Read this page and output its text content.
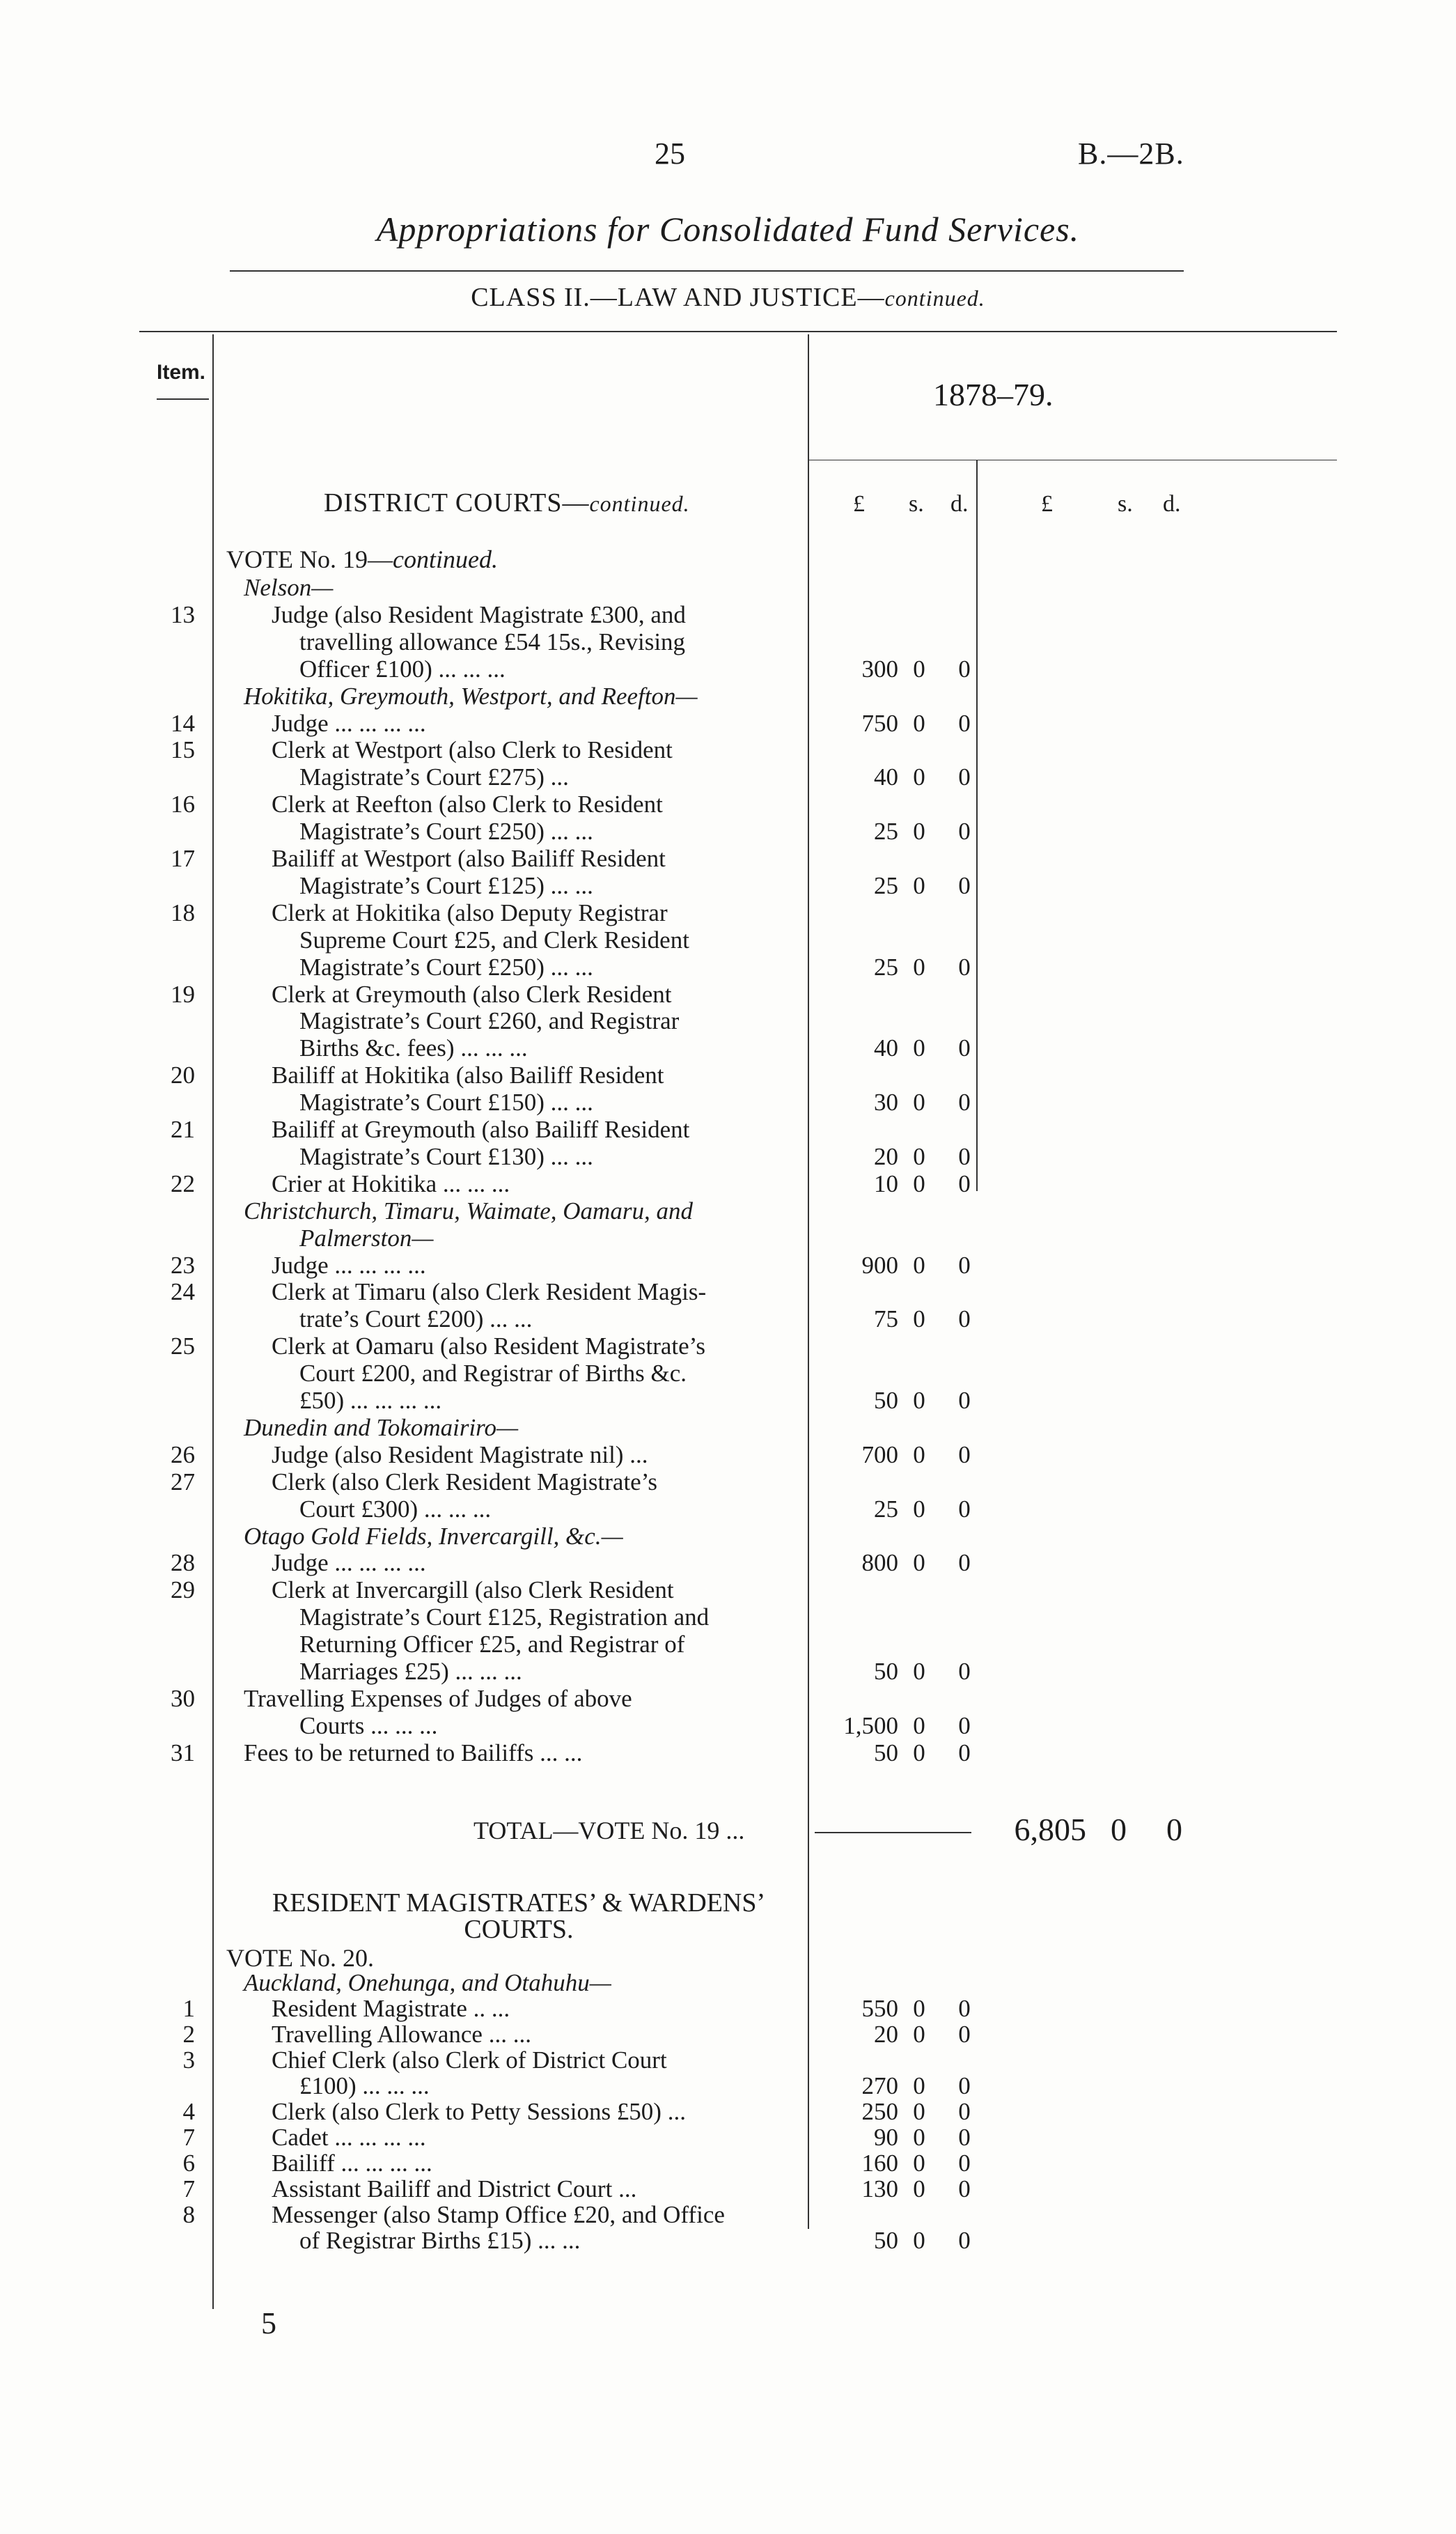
25	B.—2B.
Appropriations for Consolidated Fund Services.
CLASS II.—LAW AND JUSTICE—continued.
Item.
1878–79.
£ s. d.	£	s. d.
DISTRICT COURTS—continued.
VOTE No. 19—continued.
Nelson—
13	Judge (also Resident Magistrate £300, and
travelling allowance £54 15s., Revising
Officer £100) ... ... ...	300 0 0
Hokitika, Greymouth, Westport, and Reefton—
14	Judge ... ... ... ...	750 0 0
15	Clerk at Westport (also Clerk to Resident
Magistrate’s Court £275) ...	40 0 0
16	Clerk at Reefton (also Clerk to Resident
Magistrate’s Court £250) ... ...	25 0 0
17	Bailiff at Westport (also Bailiff Resident
Magistrate’s Court £125) ... ...	25 0 0
18	Clerk at Hokitika (also Deputy Registrar
Supreme Court £25, and Clerk Resident
Magistrate’s Court £250) ... ...	25 0 0
19	Clerk at Greymouth (also Clerk Resident
Magistrate’s Court £260, and Registrar
Births &c. fees) ... ... ...	40 0 0
20	Bailiff at Hokitika (also Bailiff Resident
Magistrate’s Court £150) ... ...	30 0 0
21	Bailiff at Greymouth (also Bailiff Resident
Magistrate’s Court £130) ... ...	20 0 0
22	Crier at Hokitika ... ... ...	10 0 0
Christchurch, Timaru, Waimate, Oamaru, and
Palmerston—
23	Judge ... ... ... ...	900 0 0
24	Clerk at Timaru (also Clerk Resident Magis-
trate’s Court £200) ... ...	75 0 0
25	Clerk at Oamaru (also Resident Magistrate’s
Court £200, and Registrar of Births &c.
£50) ... ... ... ...	50 0 0
Dunedin and Tokomairiro—
26	Judge (also Resident Magistrate nil) ...	700 0 0
27	Clerk (also Clerk Resident Magistrate’s
Court £300) ... ... ...	25 0 0
Otago Gold Fields, Invercargill, &c.—
28	Judge ... ... ... ...	800 0 0
29	Clerk at Invercargill (also Clerk Resident
Magistrate’s Court £125, Registration and
Returning Officer £25, and Registrar of
Marriages £25) ... ... ...	50 0 0
30 Travelling Expenses of Judges of above
Courts ... ... ...	1,500 0 0
31 Fees to be returned to Bailiffs ... ...	50 0 0
TOTAL—VOTE No. 19 ...	6,805 0 0
RESIDENT MAGISTRATES’ & WARDENS’
COURTS.
VOTE No. 20.
Auckland, Onehunga, and Otahuhu—
1	Resident Magistrate .. ...	550 0 0
2	Travelling Allowance ... ...	20 0 0
3	Chief Clerk (also Clerk of District Court
£100) ... ... ...	270 0 0
4	Clerk (also Clerk to Petty Sessions £50) ...	250 0 0
7	Cadet ... ... ... ...	90 0 0
6	Bailiff ... ... ... ...	160 0 0
7	Assistant Bailiff and District Court ...	130 0 0
8	Messenger (also Stamp Office £20, and Office
of Registrar Births £15) ... ...	50 0 0
5
